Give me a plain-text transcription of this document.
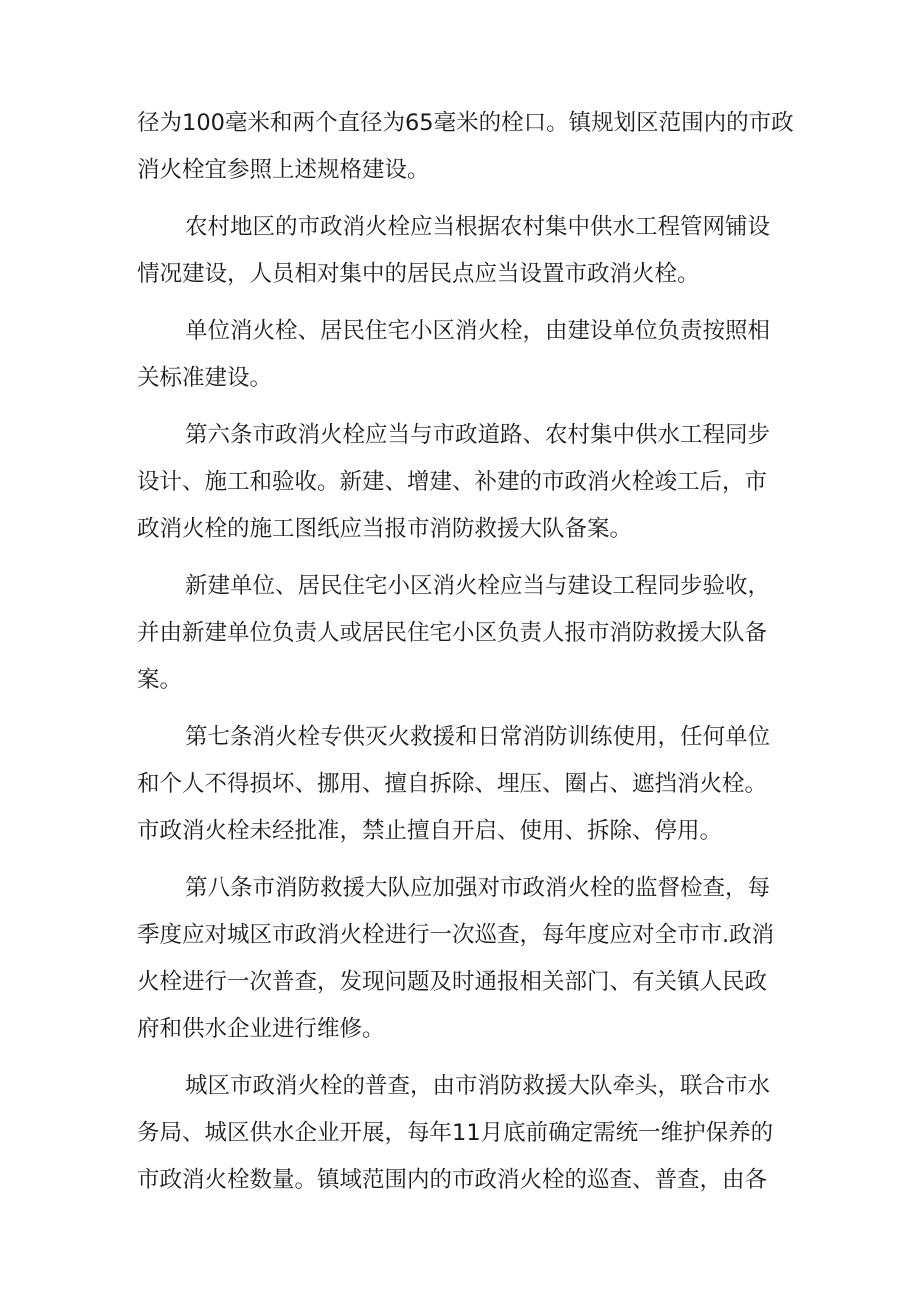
径为100毫米和两个直径为65毫米的栓口。镇规划区范围内的市政
消火栓宜参照上述规格建设。

农村地区的市政消火栓应当根据农村集中供水工程管网铺设
情况建设，人员相对集中的居民点应当设置市政消火栓。

单位消火栓、居民住宅小区消火栓，由建设单位负责按照相
关标准建设。

第六条市政消火栓应当与市政道路、农村集中供水工程同步
设计、施工和验收。新建、增建、补建的市政消火栓竣工后，市
政消火栓的施工图纸应当报市消防救援大队备案。

新建单位、居民住宅小区消火栓应当与建设工程同步验收，
并由新建单位负责人或居民住宅小区负责人报市消防救援大队备
案。

第七条消火栓专供灭火救援和日常消防训练使用，任何单位
和个人不得损坏、挪用、擅自拆除、埋压、圈占、遮挡消火栓。
市政消火栓未经批准，禁止擅自开启、使用、拆除、停用。

第八条市消防救援大队应加强对市政消火栓的监督检查，每
季度应对城区市政消火栓进行一次巡查，每年度应对全市市.政消
火栓进行一次普查，发现问题及时通报相关部门、有关镇人民政
府和供水企业进行维修。

城区市政消火栓的普查，由市消防救援大队牵头，联合市水
务局、城区供水企业开展，每年11月底前确定需统一维护保养的
市政消火栓数量。镇域范围内的市政消火栓的巡查、普查，由各
